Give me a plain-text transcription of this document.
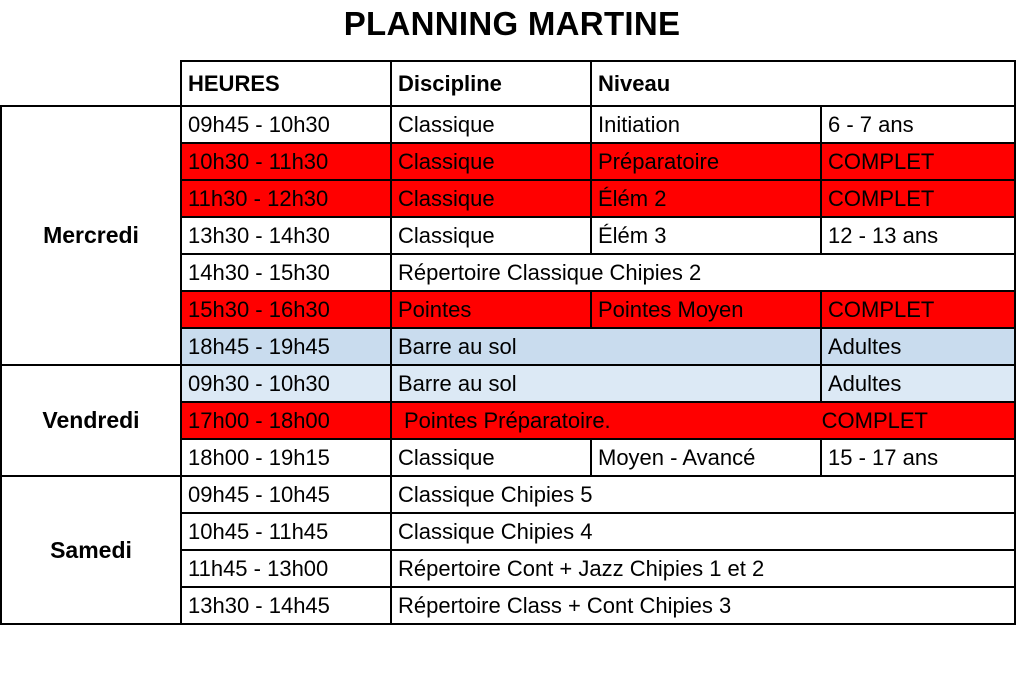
PLANNING MARTINE
	HEURES	Discipline	Niveau	
Mercredi	09h45 - 10h30	Classique	Initiation	6 - 7 ans
	10h30 - 11h30	Classique	Préparatoire	COMPLET
	11h30 - 12h30	Classique	Élém 2	COMPLET
	13h30 - 14h30	Classique	Élém 3	12 - 13 ans
	14h30 - 15h30	Répertoire Classique Chipies 2		
	15h30 - 16h30	Pointes	Pointes Moyen	COMPLET
	18h45 - 19h45	Barre au sol		Adultes
Vendredi	09h30 - 10h30	Barre au sol		Adultes
	17h00 - 18h00	Pointes Préparatoire. COMPLET		

	18h00 - 19h15	Classique	Moyen - Avancé	15 - 17 ans
Samedi	09h45 - 10h45	Classique Chipies 5		
	10h45 - 11h45	Classique Chipies 4		
	11h45 - 13h00	Répertoire Cont + Jazz Chipies 1 et 2		
	13h30 - 14h45	Répertoire Class + Cont Chipies 3		
